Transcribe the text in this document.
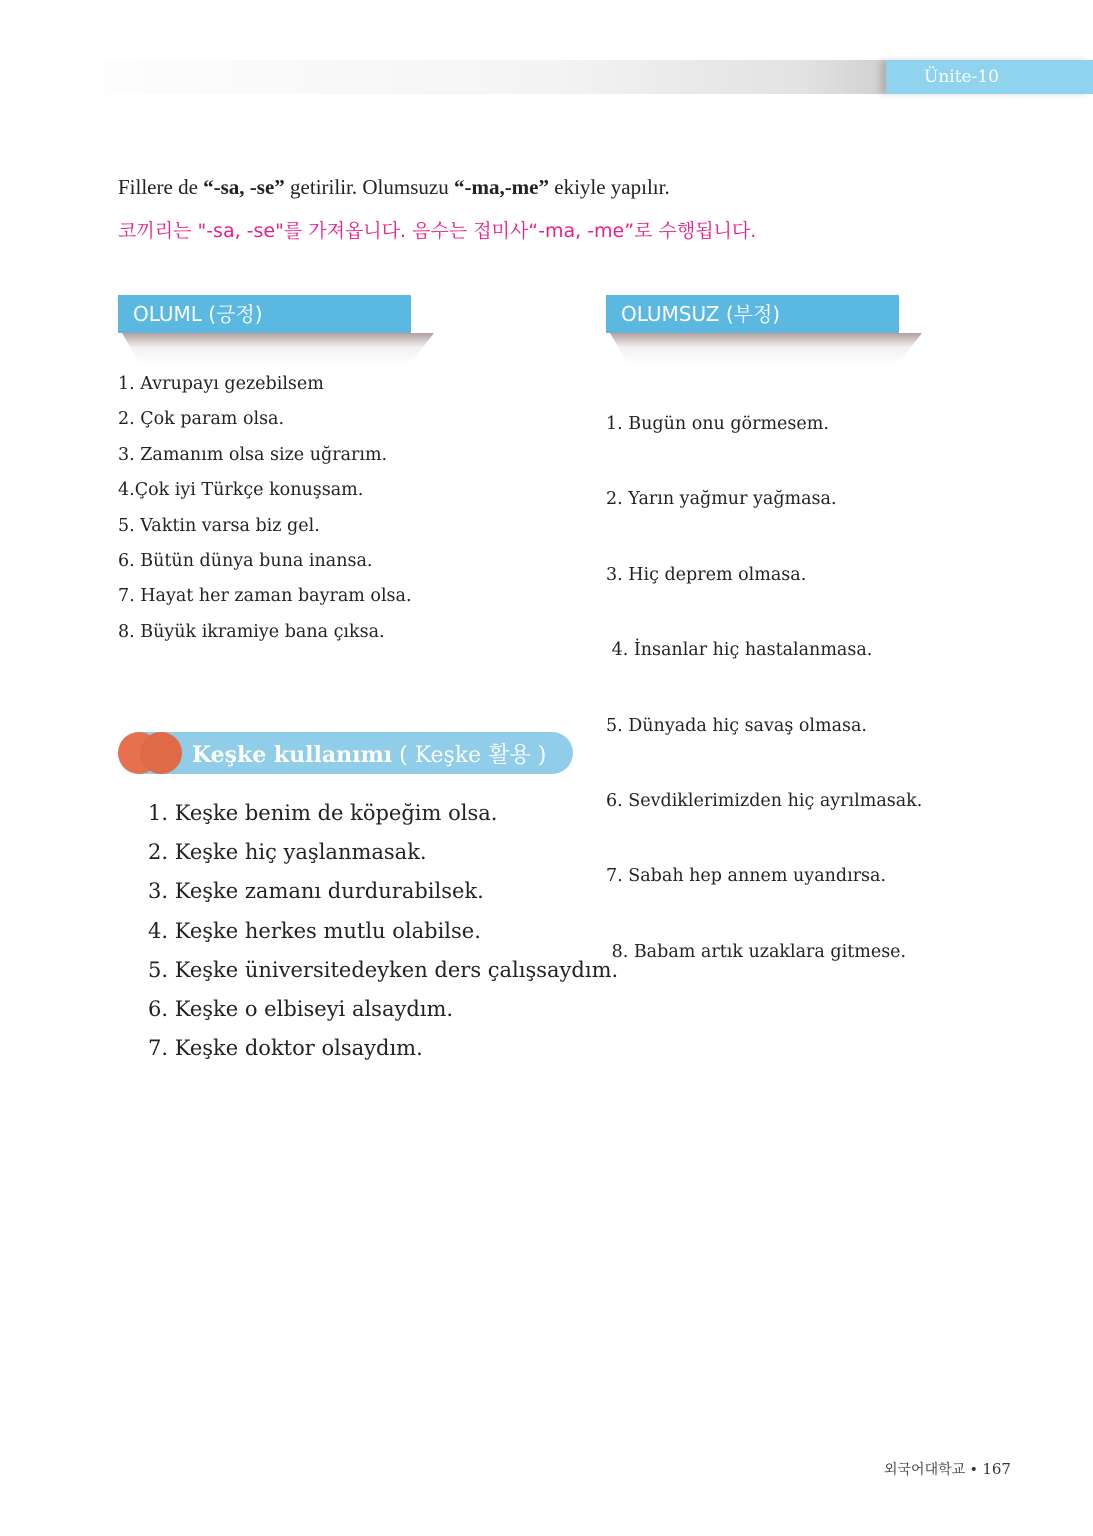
Ünite-10
Fillere de “-sa, -se” getirilir. Olumsuzu “-ma,-me” ekiyle yapılır.
코끼리는 "-sa, -se"를 가져옵니다. 음수는 접미사“-ma, -me”로 수행됩니다.
OLUML (긍정)	OLUMSUZ (부정)
1. Avrupayı gezebilsem
2. Çok param olsa.
3. Zamanım olsa size uğrarım.
4.Çok iyi Türkçe konuşsam.
5. Vaktin varsa biz gel.
6. Bütün dünya buna inansa.
7. Hayat her zaman bayram olsa.
8. Büyük ikramiye bana çıksa.

1. Bugün onu görmesem.

2. Yarın yağmur yağmasa.

3. Hiç deprem olmasa.

4. İnsanlar hiç hastalanmasa.

5. Dünyada hiç savaş olmasa.

6. Sevdiklerimizden hiç ayrılmasak.

7. Sabah hep annem uyandırsa.

8. Babam artık uzaklara gitmese.

Keşke kullanımı ( Keşke 활용 )
1. Keşke benim de köpeğim olsa.
2. Keşke hiç yaşlanmasak.
3. Keşke zamanı durdurabilsek.
4. Keşke herkes mutlu olabilse.
5. Keşke üniversitedeyken ders çalışsaydım.
6. Keşke o elbiseyi alsaydım.
7. Keşke doktor olsaydım.
외국어대학교 • 167
